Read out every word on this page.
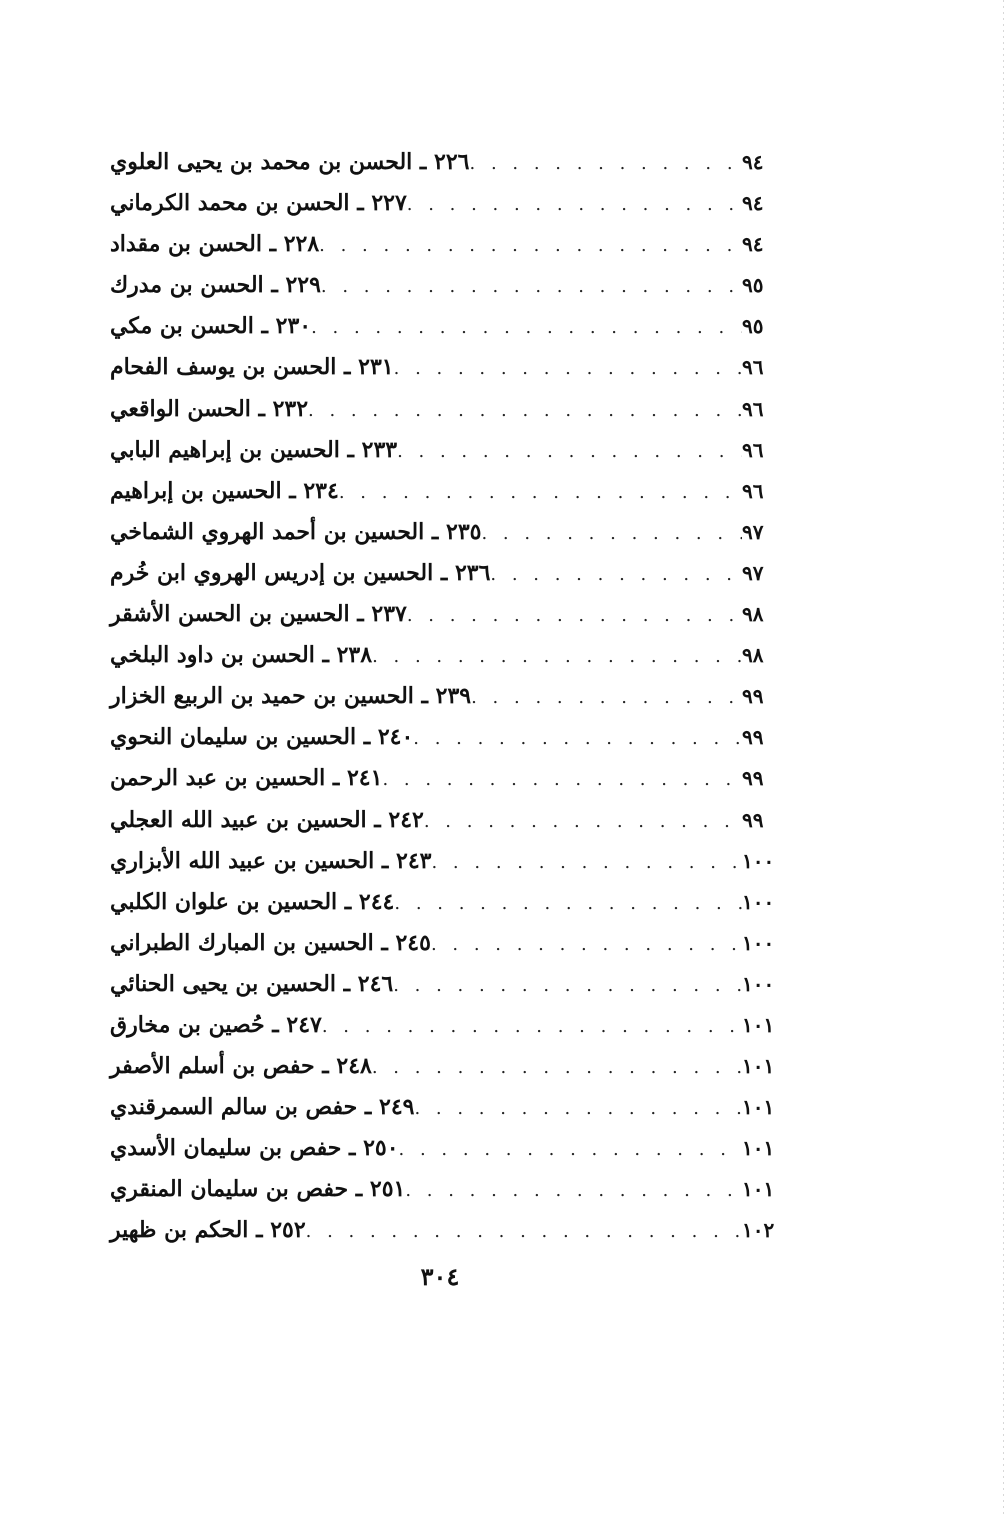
٢٢٦ ـ الحسن بن محمد بن يحيى العلوي . . .	٩٤
٢٢٧ ـ الحسن بن محمد الكرماني . . .	٩٤
٢٢٨ ـ الحسن بن مقداد . . .	٩٤
٢٢٩ ـ الحسن بن مدرك . . .	٩٥
٢٣٠ ـ الحسن بن مكي . . .	٩٥
٢٣١ ـ الحسن بن يوسف الفحام . . .	٩٦
٢٣٢ ـ الحسن الواقعي . . .	٩٦
٢٣٣ ـ الحسين بن إبراهيم البابي . . .	٩٦
٢٣٤ ـ الحسين بن إبراهيم . . .	٩٦
٢٣٥ ـ الحسين بن أحمد الهروي الشماخي . . .	٩٧
٢٣٦ ـ الحسين بن إدريس الهروي ابن خُرم . . .	٩٧
٢٣٧ ـ الحسين بن الحسن الأشقر . . .	٩٨
٢٣٨ ـ الحسن بن داود البلخي . . .	٩٨
٢٣٩ ـ الحسين بن حميد بن الربيع الخزار . . .	٩٩
٢٤٠ ـ الحسين بن سليمان النحوي . . .	٩٩
٢٤١ ـ الحسين بن عبد الرحمن . . .	٩٩
٢٤٢ ـ الحسين بن عبيد الله العجلي . . .	٩٩
٢٤٣ ـ الحسين بن عبيد الله الأبزاري . . .	١٠٠
٢٤٤ ـ الحسين بن علوان الكلبي . . .	١٠٠
٢٤٥ ـ الحسين بن المبارك الطبراني . . .	١٠٠
٢٤٦ ـ الحسين بن يحيى الحنائي . . .	١٠٠
٢٤٧ ـ حُصين بن مخارق . . .	١٠١
٢٤٨ ـ حفص بن أسلم الأصفر . . .	١٠١
٢٤٩ ـ حفص بن سالم السمرقندي . . .	١٠١
٢٥٠ ـ حفص بن سليمان الأسدي . . .	١٠١
٢٥١ ـ حفص بن سليمان المنقري . . .	١٠١
٢٥٢ ـ الحكم بن ظهير . . .	١٠٢
٣٠٤
